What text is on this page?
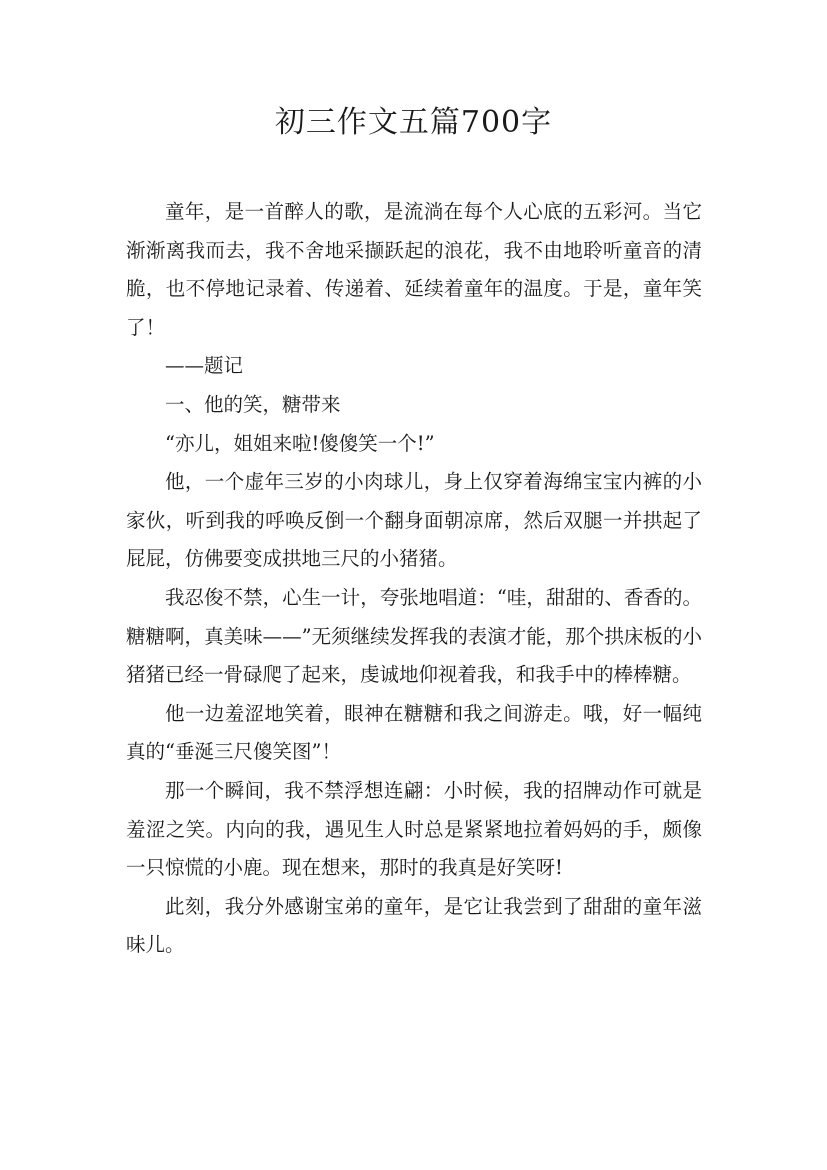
初三作文五篇700字

童年，是一首醉人的歌，是流淌在每个人心底的五彩河。当它渐渐离我而去，我不舍地采撷跃起的浪花，我不由地聆听童音的清脆，也不停地记录着、传递着、延续着童年的温度。于是，童年笑了！

——题记

一、他的笑，糖带来

“亦儿，姐姐来啦!傻傻笑一个!”

他，一个虚年三岁的小肉球儿，身上仅穿着海绵宝宝内裤的小家伙，听到我的呼唤反倒一个翻身面朝凉席，然后双腿一并拱起了屁屁，仿佛要变成拱地三尺的小猪猪。

我忍俊不禁，心生一计，夸张地唱道：“哇，甜甜的、香香的。糖糖啊，真美味——”无须继续发挥我的表演才能，那个拱床板的小猪猪已经一骨碌爬了起来，虔诚地仰视着我，和我手中的棒棒糖。

他一边羞涩地笑着，眼神在糖糖和我之间游走。哦，好一幅纯真的“垂涎三尺傻笑图”！

那一个瞬间，我不禁浮想连翩：小时候，我的招牌动作可就是羞涩之笑。内向的我，遇见生人时总是紧紧地拉着妈妈的手，颇像一只惊慌的小鹿。现在想来，那时的我真是好笑呀!

此刻，我分外感谢宝弟的童年，是它让我尝到了甜甜的童年滋味儿。
